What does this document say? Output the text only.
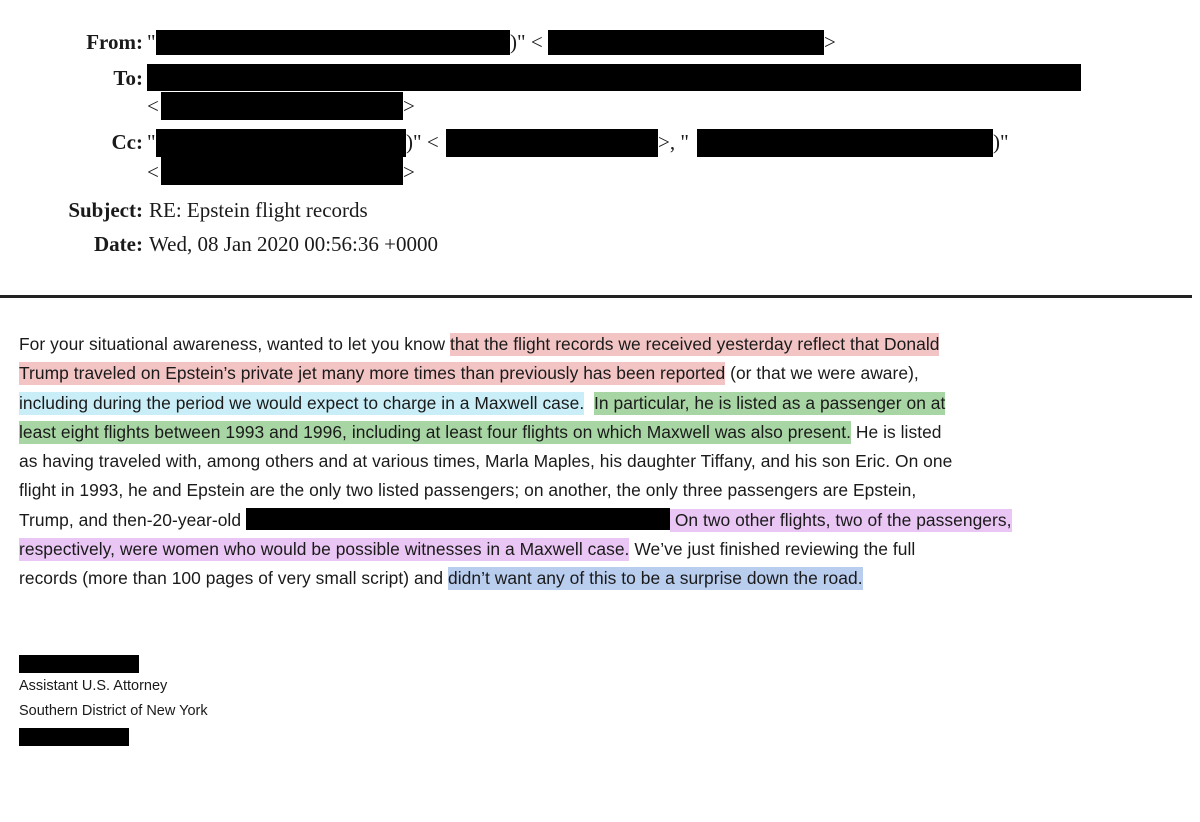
From: "	)" <	>
To:
<	>
Cc: "	)" <	>, "	)"
<	>
Subject: RE: Epstein flight records
Date: Wed, 08 Jan 2020 00:56:36 +0000
For your situational awareness, wanted to let you know that the flight records we received yesterday reflect that Donald
Trump traveled on Epstein’s private jet many more times than previously has been reported (or that we were aware),
including during the period we would expect to charge in a Maxwell case. In particular, he is listed as a passenger on at
least eight flights between 1993 and 1996, including at least four flights on which Maxwell was also present. He is listed
as having traveled with, among others and at various times, Marla Maples, his daughter Tiffany, and his son Eric. On one
flight in 1993, he and Epstein are the only two listed passengers; on another, the only three passengers are Epstein,
Trump, and then-20-year-old	On two other flights, two of the passengers,
respectively, were women who would be possible witnesses in a Maxwell case. We’ve just finished reviewing the full
records (more than 100 pages of very small script) and didn’t want any of this to be a surprise down the road.
Assistant U.S. Attorney
Southern District of New York
